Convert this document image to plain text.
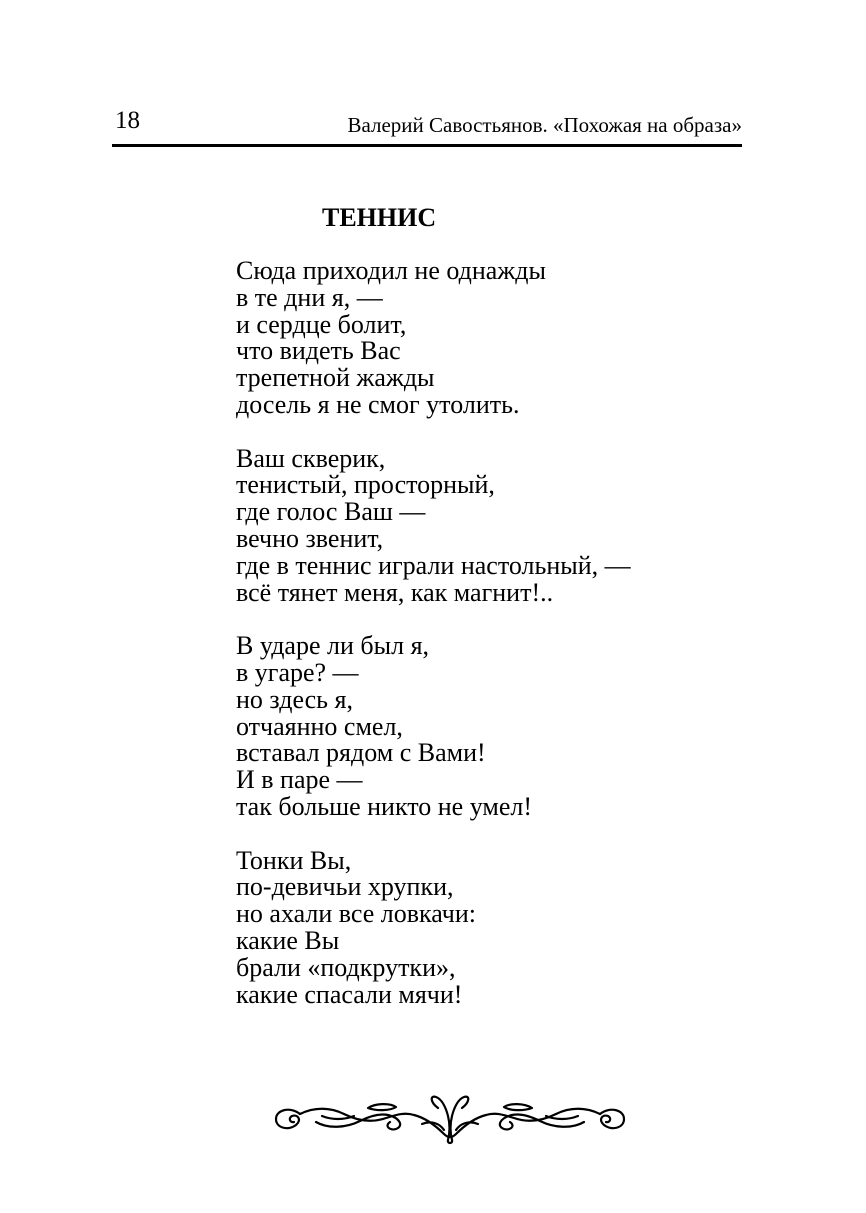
18	Валерий Савостьянов. «Похожая на образа»
ТЕННИС
Сюда приходил не однажды
в те дни я, —
и сердце болит,
что видеть Вас
трепетной жажды
досель я не смог утолить.
Ваш скверик,
тенистый, просторный,
где голос Ваш —
вечно звенит,
где в теннис играли настольный, —
всё тянет меня, как магнит!..
В ударе ли был я,
в угаре? —
но здесь я,
отчаянно смел,
вставал рядом с Вами!
И в паре —
так больше никто не умел!
Тонки Вы,
по-девичьи хрупки,
но ахали все ловкачи:
какие Вы
брали «подкрутки»,
какие спасали мячи!
